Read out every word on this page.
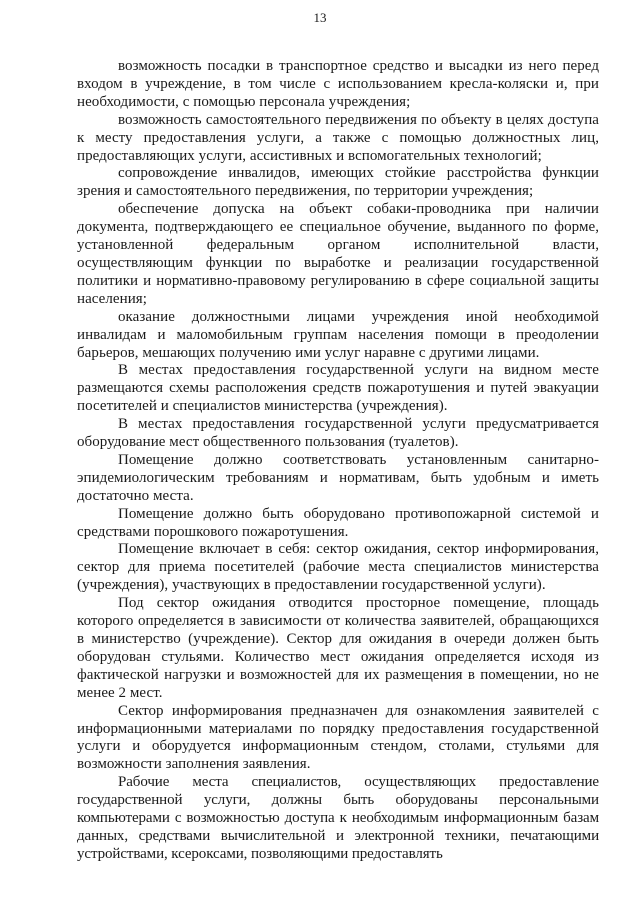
13

возможность посадки в транспортное средство и высадки из него перед входом в учреждение, в том числе с использованием кресла-коляски и, при необходимости, с помощью персонала учреждения;

возможность самостоятельного передвижения по объекту в целях доступа к месту предоставления услуги, а также с помощью должностных лиц, предоставляющих услуги, ассистивных и вспомогательных технологий;

сопровождение инвалидов, имеющих стойкие расстройства функции зрения и самостоятельного передвижения, по территории учреждения;

обеспечение допуска на объект собаки-проводника при наличии документа, подтверждающего ее специальное обучение, выданного по форме, установленной федеральным органом исполнительной власти, осуществляющим функции по выработке и реализации государственной политики и нормативно-правовому регулированию в сфере социальной защиты населения;

оказание должностными лицами учреждения иной необходимой инвалидам и маломобильным группам населения помощи в преодолении барьеров, мешающих получению ими услуг наравне с другими лицами.

В местах предоставления государственной услуги на видном месте размещаются схемы расположения средств пожаротушения и путей эвакуации посетителей и специалистов министерства (учреждения).

В местах предоставления государственной услуги предусматривается оборудование мест общественного пользования (туалетов).

Помещение должно соответствовать установленным санитарно-эпидемиологическим требованиям и нормативам, быть удобным и иметь достаточно места.

Помещение должно быть оборудовано противопожарной системой и средствами порошкового пожаротушения.

Помещение включает в себя: сектор ожидания, сектор информирования, сектор для приема посетителей (рабочие места специалистов министерства (учреждения), участвующих в предоставлении государственной услуги).

Под сектор ожидания отводится просторное помещение, площадь которого определяется в зависимости от количества заявителей, обращающихся в министерство (учреждение). Сектор для ожидания в очереди должен быть оборудован стульями. Количество мест ожидания определяется исходя из фактической нагрузки и возможностей для их размещения в помещении, но не менее 2 мест.

Сектор информирования предназначен для ознакомления заявителей с информационными материалами по порядку предоставления государственной услуги и оборудуется информационным стендом, столами, стульями для возможности заполнения заявления.

Рабочие места специалистов, осуществляющих предоставление государственной услуги, должны быть оборудованы персональными компьютерами с возможностью доступа к необходимым информационным базам данных, средствами вычислительной и электронной техники, печатающими устройствами, ксероксами, позволяющими предоставлять
